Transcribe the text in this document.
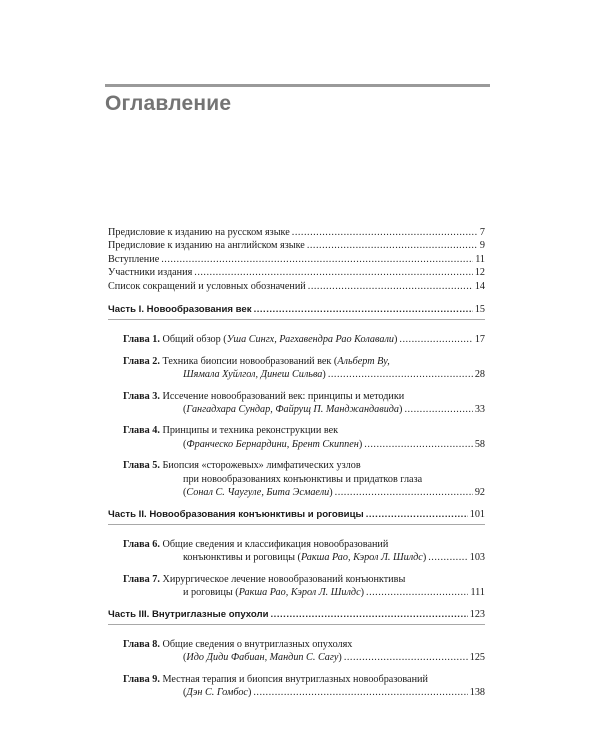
Оглавление
Предисловие к изданию на русском языке .....	7
Предисловие к изданию на английском языке .....	9
Вступление .....	11
Участники издания .....	12
Список сокращений и условных обозначений .....	14
Часть I. Новообразования век .....	15
Глава 1. Общий обзор (Уша Сингх, Рагхавендра Рао Колавали) .....	17
Глава 2. Техника биопсии новообразований век (Альберт Ву,
Шямала Хуйлгол, Динеш Сильва) .....	28
Глава 3. Иссечение новообразований век: принципы и методики
(Гангадхара Сундар, Файрущ П. Манджандавида) .....	33
Глава 4. Принципы и техника реконструкции век
(Франческо Бернардини, Брент Скиппен) .....	58
Глава 5. Биопсия «сторожевых» лимфатических узлов
при новообразованиях конъюнктивы и придатков глаза
(Сонал С. Чаугуле, Бита Эсмаели) .....	92
Часть II. Новообразования конъюнктивы и роговицы .....	101
Глава 6. Общие сведения и классификация новообразований
конъюнктивы и роговицы (Ракша Рао, Кэрол Л. Шилдс) .....	103
Глава 7. Хирургическое лечение новообразований конъюнктивы
и роговицы (Ракша Рао, Кэрол Л. Шилдс) .....	111
Часть III. Внутриглазные опухоли .....	123
Глава 8. Общие сведения о внутриглазных опухолях
(Идо Диди Фабиан, Мандип С. Сагу) .....	125
Глава 9. Местная терапия и биопсия внутриглазных новообразований
(Дэн С. Гомбос) .....	138
